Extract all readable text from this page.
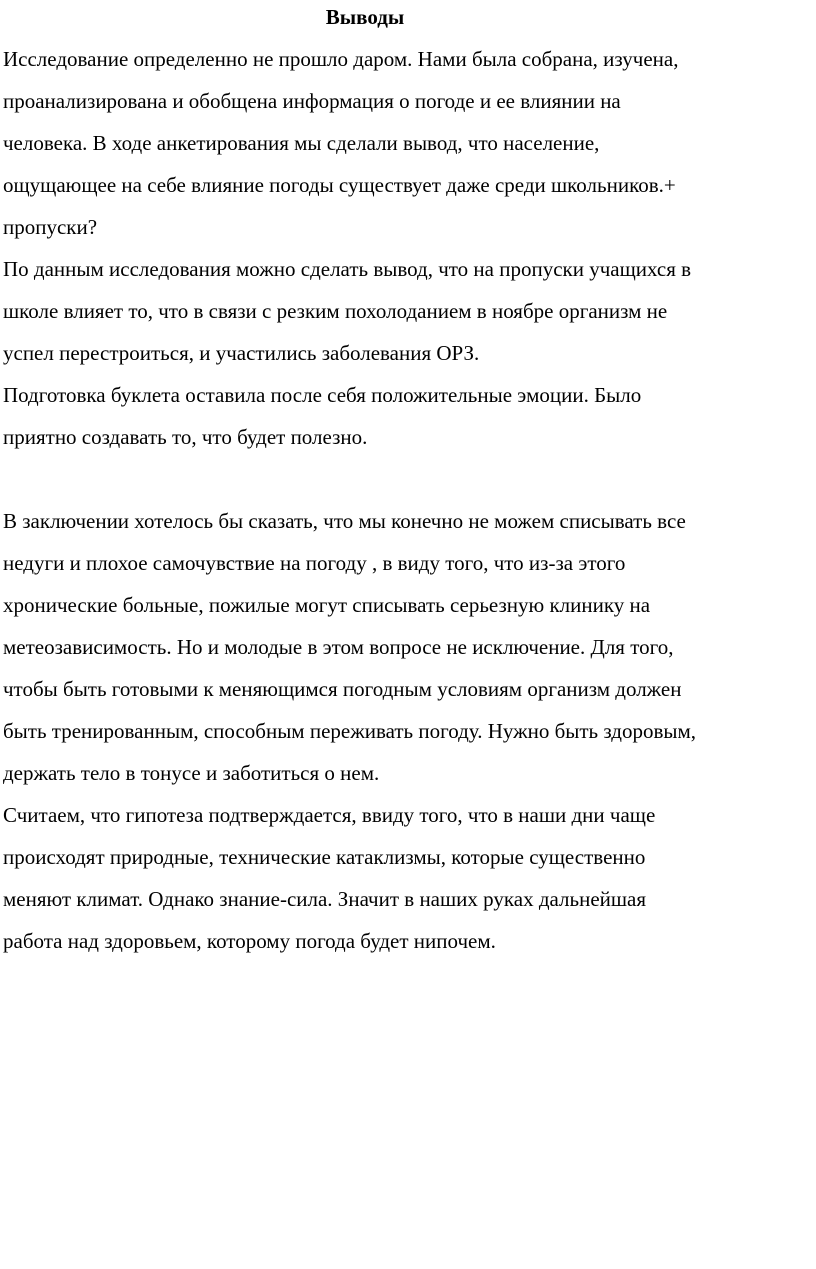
Выводы

Исследование определенно не прошло даром. Нами была собрана, изучена,

проанализирована и обобщена информация о погоде и ее влиянии на

человека. В ходе анкетирования мы сделали вывод, что население,

ощущающее на себе влияние погоды существует даже среди школьников.+

пропуски?

По данным исследования можно сделать вывод, что на пропуски учащихся в

школе влияет то, что в связи с резким похолоданием в ноябре организм не

успел перестроиться, и участились заболевания ОРЗ.

Подготовка буклета оставила после себя положительные эмоции. Было

приятно создавать то, что будет полезно.

В заключении хотелось бы сказать, что мы конечно не можем списывать все

недуги и плохое самочувствие на погоду , в виду того, что из-за этого

хронические больные, пожилые могут списывать серьезную клинику на

метеозависимость. Но и молодые в этом вопросе не исключение. Для того,

чтобы быть готовыми к меняющимся погодным условиям организм должен

быть тренированным, способным переживать погоду. Нужно быть здоровым,

держать тело в тонусе и заботиться о нем.

Считаем, что гипотеза подтверждается, ввиду того, что в наши дни чаще

происходят природные, технические катаклизмы, которые существенно

меняют климат. Однако знание-сила. Значит в наших руках дальнейшая

работа над здоровьем, которому погода будет нипочем.
